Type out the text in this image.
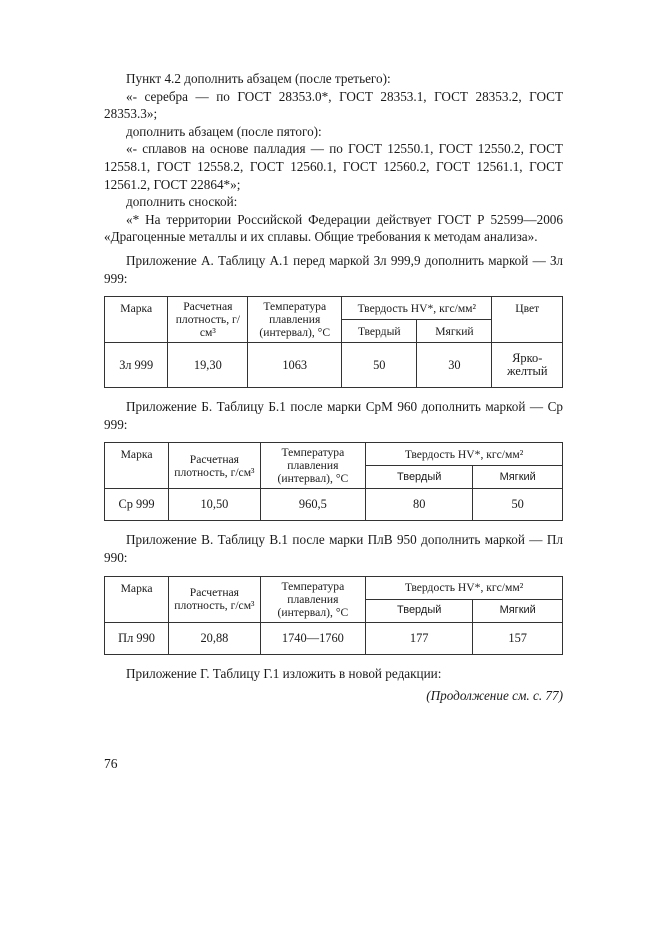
Пункт 4.2 дополнить абзацем (после третьего):

«- серебра — по ГОСТ 28353.0*, ГОСТ 28353.1, ГОСТ 28353.2, ГОСТ 28353.3»;

дополнить абзацем (после пятого):

«- сплавов на основе палладия — по ГОСТ 12550.1, ГОСТ 12550.2, ГОСТ 12558.1, ГОСТ 12558.2, ГОСТ 12560.1, ГОСТ 12560.2, ГОСТ 12561.1, ГОСТ 12561.2, ГОСТ 22864*»;

дополнить сноской:

«* На территории Российской Федерации действует ГОСТ Р 52599—2006 «Драгоценные металлы и их сплавы. Общие требования к методам анализа».

Приложение А. Таблицу А.1 перед маркой Зл 999,9 дополнить маркой — Зл 999:

Марка	Расчетная плотность, г/см³	Температура плавления (интервал), °С	Твердость HV*, кгс/мм²		Цвет
			Твердый	Мягкий	
Зл 999	19,30	1063	50	30	Ярко-желтый

Приложение Б. Таблицу Б.1 после марки СрМ 960 дополнить маркой — Ср 999:

Марка	Расчетная плотность, г/см³	Температура плавления (интервал), °С	Твердость HV*, кгс/мм²	
			Твердый	Мягкий
Ср 999	10,50	960,5	80	50

Приложение В. Таблицу В.1 после марки ПлВ 950 дополнить маркой — Пл 990:

Марка	Расчетная плотность, г/см³	Температура плавления (интервал), °С	Твердость HV*, кгс/мм²	
			Твердый	Мягкий
Пл 990	20,88	1740—1760	177	157

Приложение Г. Таблицу Г.1 изложить в новой редакции:

(Продолжение см. с. 77)

76
